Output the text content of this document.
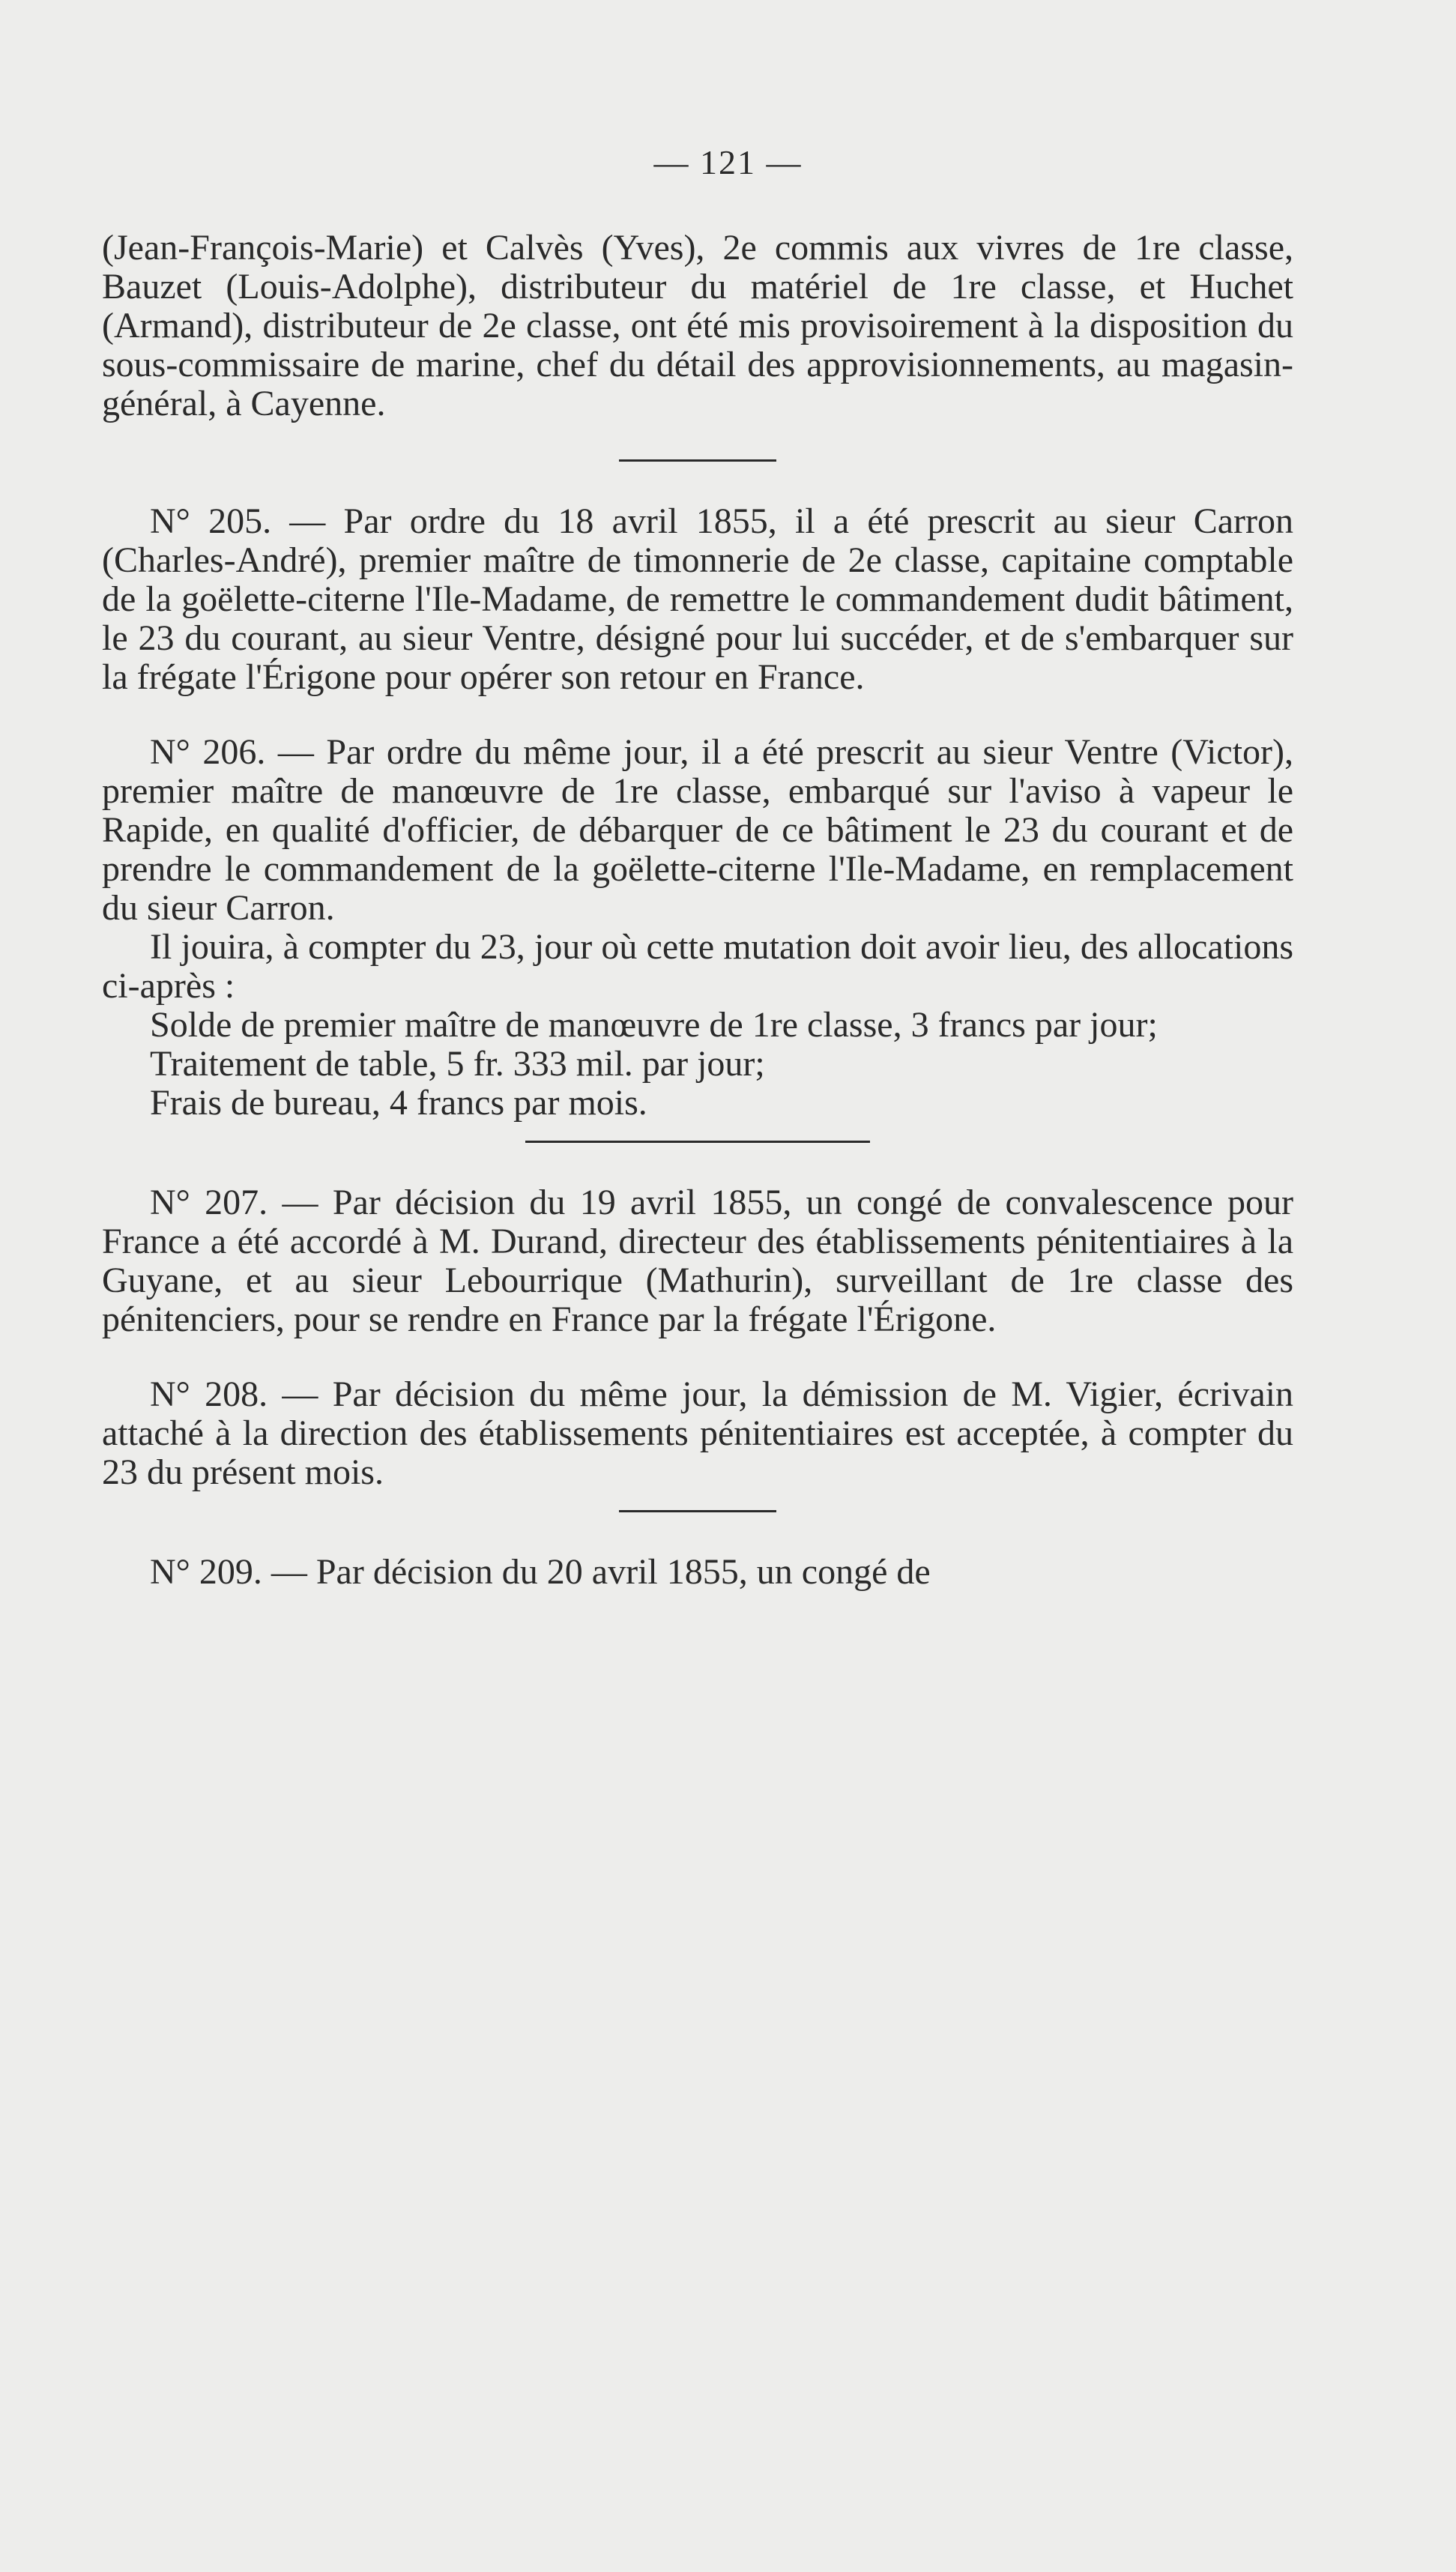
— 121 —

(Jean-François-Marie) et Calvès (Yves), 2e commis aux vivres de 1re classe, Bauzet (Louis-Adolphe), distributeur du matériel de 1re classe, et Huchet (Armand), distributeur de 2e classe, ont été mis provisoirement à la disposition du sous-commissaire de marine, chef du détail des approvisionnements, au magasin-général, à Cayenne.

N° 205. — Par ordre du 18 avril 1855, il a été prescrit au sieur Carron (Charles-André), premier maître de timonnerie de 2e classe, capitaine comptable de la goëlette-citerne l'Ile-Madame, de remettre le commandement dudit bâtiment, le 23 du courant, au sieur Ventre, désigné pour lui succéder, et de s'embarquer sur la frégate l'Érigone pour opérer son retour en France.

N° 206. — Par ordre du même jour, il a été prescrit au sieur Ventre (Victor), premier maître de manœuvre de 1re classe, embarqué sur l'aviso à vapeur le Rapide, en qualité d'officier, de débarquer de ce bâtiment le 23 du courant et de prendre le commandement de la goëlette-citerne l'Ile-Madame, en remplacement du sieur Carron.

Il jouira, à compter du 23, jour où cette mutation doit avoir lieu, des allocations ci-après :

Solde de premier maître de manœuvre de 1re classe, 3 francs par jour;

Traitement de table, 5 fr. 333 mil. par jour;

Frais de bureau, 4 francs par mois.

N° 207. — Par décision du 19 avril 1855, un congé de convalescence pour France a été accordé à M. Durand, directeur des établissements pénitentiaires à la Guyane, et au sieur Lebourrique (Mathurin), surveillant de 1re classe des pénitenciers, pour se rendre en France par la frégate l'Érigone.

N° 208. — Par décision du même jour, la démission de M. Vigier, écrivain attaché à la direction des établissements pénitentiaires est acceptée, à compter du 23 du présent mois.

N° 209. — Par décision du 20 avril 1855, un congé de
